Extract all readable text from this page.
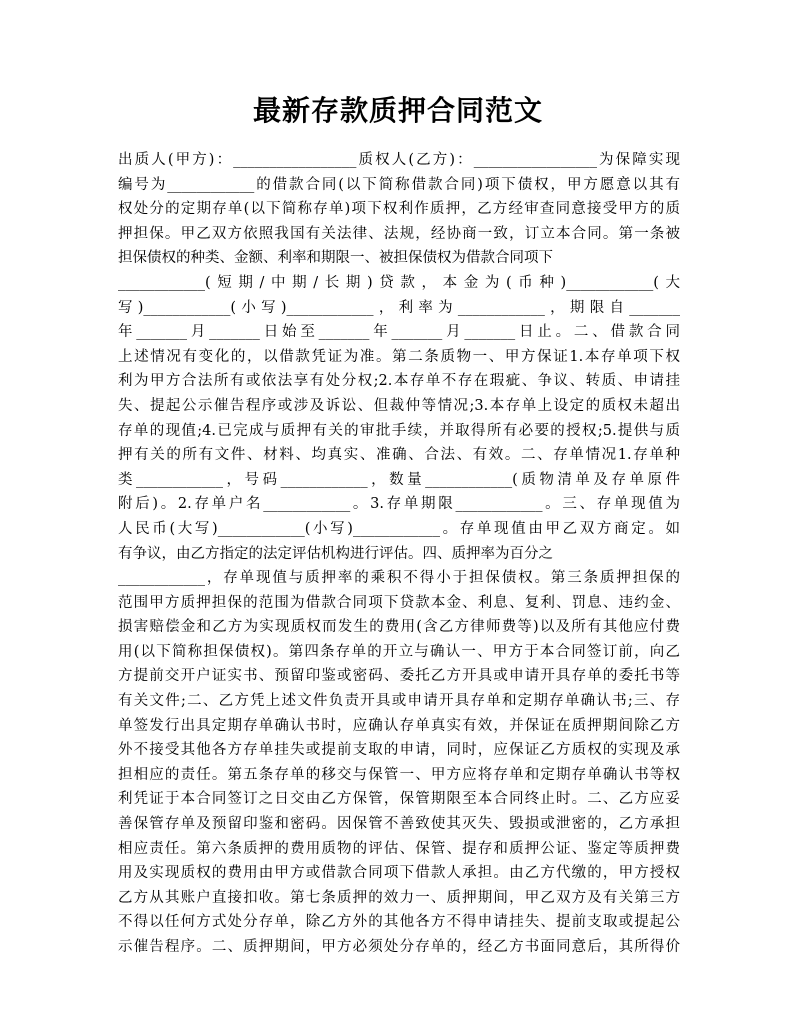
最新存款质押合同范文
出质人(甲方)：_________________质权人(乙方)：_________________为保障实现
编号为____________的借款合同(以下简称借款合同)项下债权，甲方愿意以其有
权处分的定期存单(以下简称存单)项下权利作质押，乙方经审查同意接受甲方的质
押担保。甲乙双方依照我国有关法律、法规，经协商一致，订立本合同。第一条被
担保债权的种类、金额、利率和期限一、被担保债权为借款合同项下
____________(短期/中期/长期)贷款，本金为(币种)____________(大
写)____________(小写)____________，利率为____________，期限自_______
年_______月_______日始至_______年_______月_______日止。二、借款合同
上述情况有变化的，以借款凭证为准。第二条质物一、甲方保证1.本存单项下权
利为甲方合法所有或依法享有处分权;2.本存单不存在瑕疵、争议、转质、申请挂
失、提起公示催告程序或涉及诉讼、但裁仲等情况;3.本存单上设定的质权未超出
存单的现值;4.已完成与质押有关的审批手续，并取得所有必要的授权;5.提供与质
押有关的所有文件、材料、均真实、准确、合法、有效。二、存单情况1.存单种
类____________，号码____________，数量____________(质物清单及存单原件
附后)。2.存单户名____________。3.存单期限____________。三、存单现值为
人民币(大写)____________(小写)____________。存单现值由甲乙双方商定。如
有争议，由乙方指定的法定评估机构进行评估。四、质押率为百分之
____________，存单现值与质押率的乘积不得小于担保债权。第三条质押担保的
范围甲方质押担保的范围为借款合同项下贷款本金、利息、复利、罚息、违约金、
损害赔偿金和乙方为实现质权而发生的费用(含乙方律师费等)以及所有其他应付费
用(以下简称担保债权)。第四条存单的开立与确认一、甲方于本合同签订前，向乙
方提前交开户证实书、预留印鉴或密码、委托乙方开具或申请开具存单的委托书等
有关文件;二、乙方凭上述文件负责开具或申请开具存单和定期存单确认书;三、存
单签发行出具定期存单确认书时，应确认存单真实有效，并保证在质押期间除乙方
外不接受其他各方存单挂失或提前支取的申请，同时，应保证乙方质权的实现及承
担相应的责任。第五条存单的移交与保管一、甲方应将存单和定期存单确认书等权
利凭证于本合同签订之日交由乙方保管，保管期限至本合同终止时。二、乙方应妥
善保管存单及预留印鉴和密码。因保管不善致使其灭失、毁损或泄密的，乙方承担
相应责任。第六条质押的费用质物的评估、保管、提存和质押公证、鉴定等质押费
用及实现质权的费用由甲方或借款合同项下借款人承担。由乙方代缴的，甲方授权
乙方从其账户直接扣收。第七条质押的效力一、质押期间，甲乙双方及有关第三方
不得以任何方式处分存单，除乙方外的其他各方不得申请挂失、提前支取或提起公
示催告程序。二、质押期间，甲方必须处分存单的，经乙方书面同意后，其所得价
